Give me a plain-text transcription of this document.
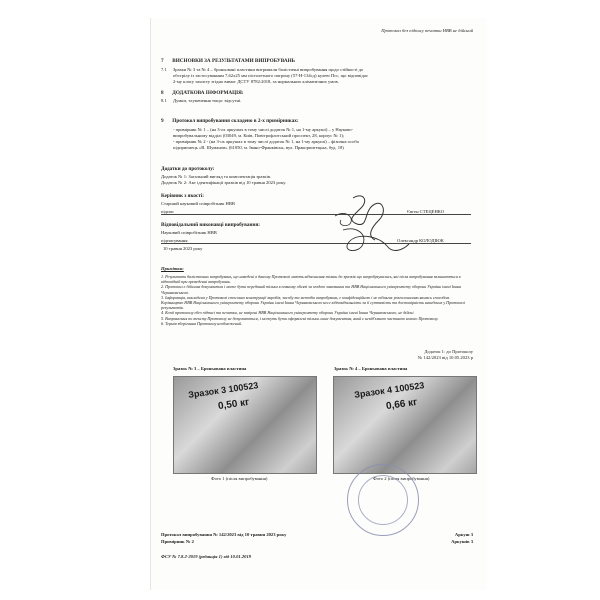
Протокол без підпису печатки НВВ не дійсний
7 ВИСНОВКИ ЗА РЕЗУЛЬТАТАМИ ВИПРОБУВАНЬ
7.1 Зразки № 3 та № 4 – броньовані пластини витримали балістичні випробування щодо стійкості до
обстрілу із застосуванням 7,62х25 мм пістолетного патрону (57-Н-134сд) кулею Псс, що відповідає
2-му класу захисту згідно вимог ДСТУ 8782:2018, за нормальних кліматичних умов.
8 ДОДАТКОВА ІНФОРМАЦІЯ:
8.1 Думки, тлумачення тощо: відсутні.
9 Протокол випробування складено в 2-х примірниках:
- примірник № 1 – (на 3-ох аркушах в тому числі додаток № 1, на 1-му аркуші) – у Науково-
випробувальному відділі (03049, м. Київ, Повітрофлотський проспект, 28, корпус № 1);
- примірник № 2 - (на 3-ох аркушах в тому числі додаток № 1, на 1-му аркуші) – фізична особа
підприємець «В. Шуманов» (61050, м. Івано-Франківськ, вул. Пракорпитецька, буд. 18)
Додатки до протоколу:
Додаток № 1: Загальний вигляд та комплектація зразків.
Додаток № 2: Акт ідентифікації зразків від 10 травня 2023 року.
Керівник з якості:
Старший науковий співробітник НВВ
підпис	Євген СТЕЦЕНКО
Відповідальний виконавці випробування:
Науковий співробітник НВВ
підписування	Олександр КОЛОДІЮК
10 травня 2023 року
Примітки:
1. Результати балістичних випробувань, що наведені в даному Протоколі мають відношення тільки до зразків що випробувувались, які після випробування залишаються в відповідній при проведенні випробувань.
2. Протокол є дійсним документом і може бути переданий тільки в повному обсязі за згодою замовника та НВВ Національного університету оборони України імені Івана Черняховського.
3. Інформація, викладена у Протоколі стосовно конструкції виробів, засобу та методів випробувань, є конфіденційною і не підлягає розголошенню якимсь способом. Керівництво НВВ Національного університету оборони України імені Івана Черняховського несе відповідальність за її суттєвість та достовірність наведених у Протоколі результатів.
4. Копії протоколу ебез підписі та печатки, не завірені НВВ Національного університету оборони України імені Івана Черняховського, не дійсні.
5. Виправлення по тексту Протоколу не допускаються, і можуть бути оформлені тільки лише документом, який є невід'ємною частиною нового Протоколу.
6. Термін зберігання Протоколу необмежений.
Додаток 1: до Протоколу
№ 142/2023 від 10.05.2023 р
Зразок № 3 – Броньована пластина	Зразок № 4 – Броньована пластина
Зразок 3 100523
0,50 кг
Зразок 4 100523
0,66 кг
Фото 1 (після випробування)	Фото 2 (після випробування)
Протокол випробування № 142/2023 від 10 травня 2023 року
Примірник № 2
Аркуш 3
Аркушів 3
ФСУ № 7.8.2-2019 (редакція 1) від 10.01.2019
